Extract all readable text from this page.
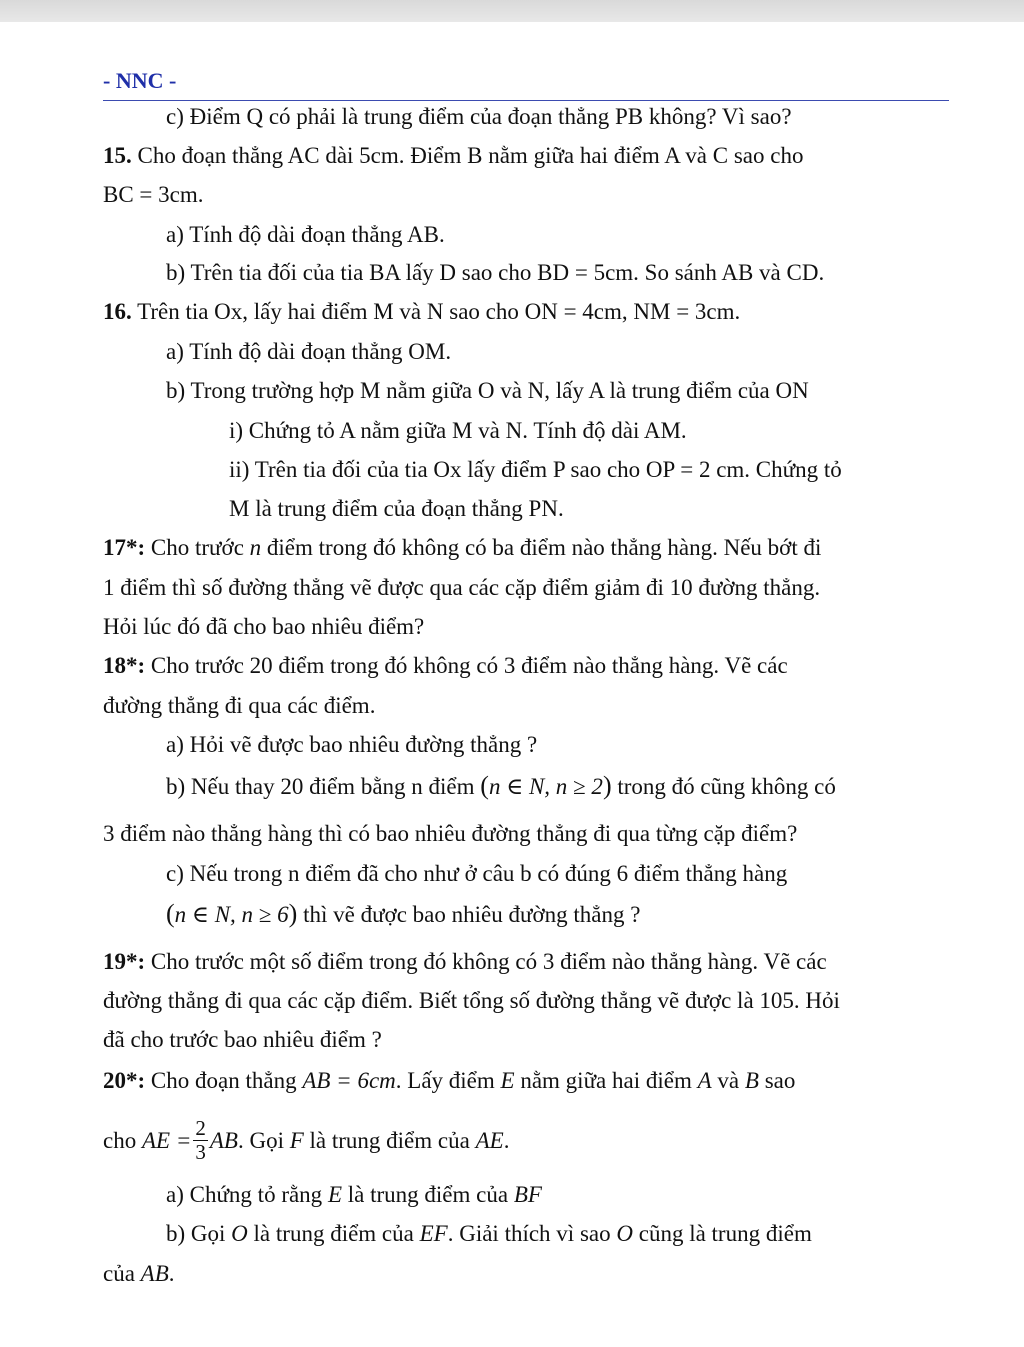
- NNC -
c) Điểm Q có phải là trung điểm của đoạn thẳng PB không? Vì sao?
15. Cho đoạn thẳng AC dài 5cm. Điểm B nằm giữa hai điểm A và C sao cho
BC = 3cm.
a) Tính độ dài đoạn thẳng AB.
b) Trên tia đối của tia BA lấy D sao cho BD = 5cm. So sánh AB và CD.
16. Trên tia Ox, lấy hai điểm M và N sao cho ON = 4cm, NM = 3cm.
a) Tính độ dài đoạn thẳng OM.
b) Trong trường hợp M nằm giữa O và N, lấy A là trung điểm của ON
i) Chứng tỏ A nằm giữa M và N. Tính độ dài AM.
ii) Trên tia đối của tia Ox lấy điểm P sao cho OP = 2 cm. Chứng tỏ
M là trung điểm của đoạn thẳng PN.
17*: Cho trước n điểm trong đó không có ba điểm nào thẳng hàng. Nếu bớt đi
1 điểm thì số đường thẳng vẽ được qua các cặp điểm giảm đi 10 đường thẳng.
Hỏi lúc đó đã cho bao nhiêu điểm?
18*: Cho trước 20 điểm trong đó không có 3 điểm nào thẳng hàng. Vẽ các
đường thẳng đi qua các điểm.
a) Hỏi vẽ được bao nhiêu đường thẳng ?
b) Nếu thay 20 điểm bằng n điểm (n ∈ N, n ≥ 2) trong đó cũng không có
3 điểm nào thẳng hàng thì có bao nhiêu đường thẳng đi qua từng cặp điểm?
c) Nếu trong n điểm đã cho như ở câu b có đúng 6 điểm thẳng hàng
(n ∈ N, n ≥ 6) thì vẽ được bao nhiêu đường thẳng ?
19*: Cho trước một số điểm trong đó không có 3 điểm nào thẳng hàng. Vẽ các
đường thẳng đi qua các cặp điểm. Biết tổng số đường thẳng vẽ được là 105. Hỏi
đã cho trước bao nhiêu điểm ?
20*: Cho đoạn thẳng AB = 6cm. Lấy điểm E nằm giữa hai điểm A và B sao
cho AE = $\frac{2}{3}$ AB. Gọi F là trung điểm của AE.
a) Chứng tỏ rằng E là trung điểm của BF
b) Gọi O là trung điểm của EF. Giải thích vì sao O cũng là trung điểm
của AB.
